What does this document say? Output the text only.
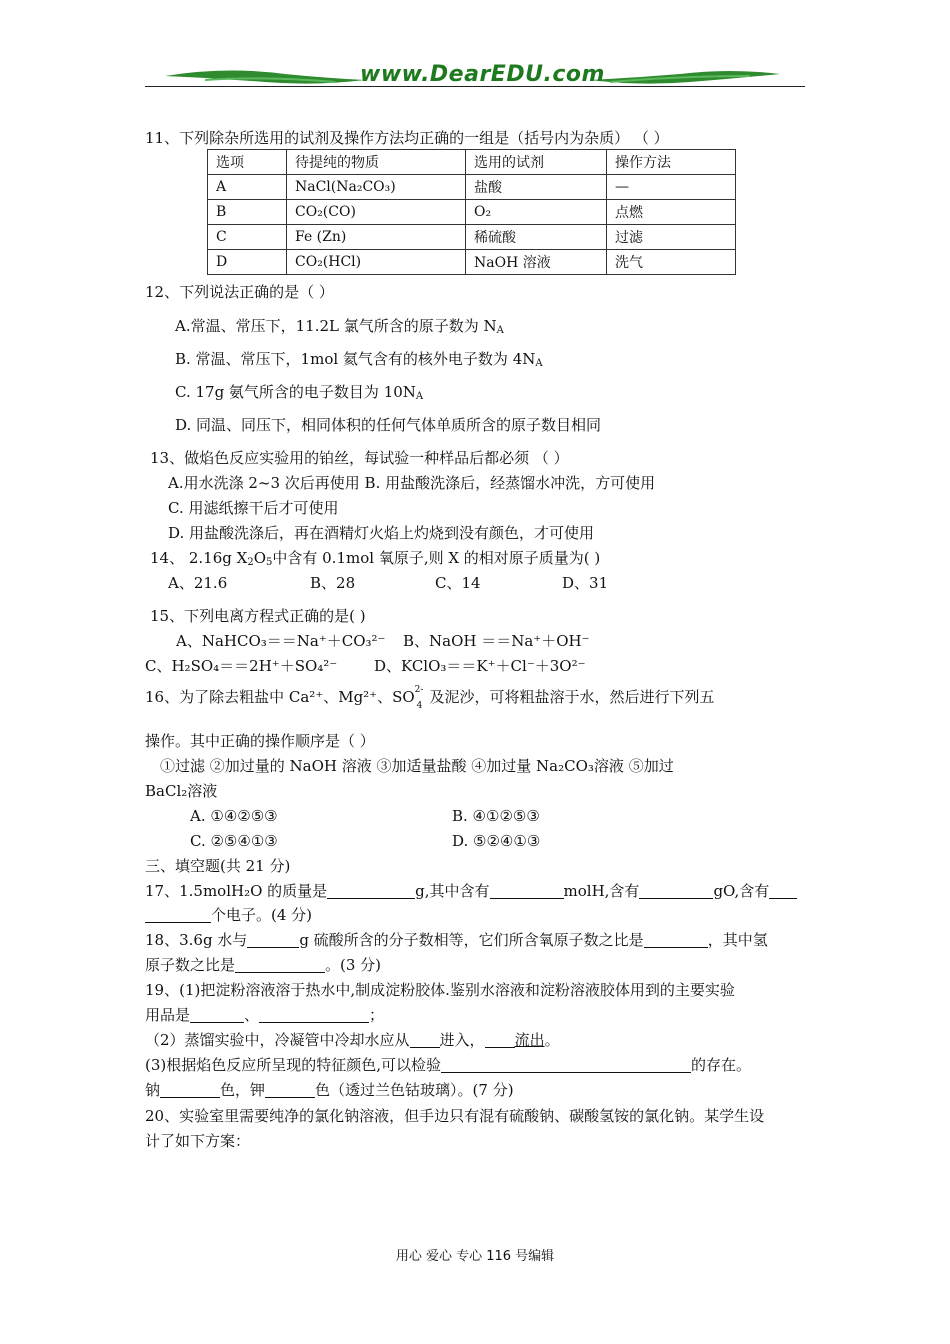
www.DearEDU.com
11、下列除杂所选用的试剂及操作方法均正确的一组是（括号内为杂质） （ ）
选项	待提纯的物质	选用的试剂	操作方法
A	NaCl(Na₂CO₃)	盐酸	—
B	CO₂(CO)	O₂	点燃
C	Fe (Zn)	稀硫酸	过滤
D	CO₂(HCl)	NaOH 溶液	洗气
12、下列说法正确的是（ ）
A.常温、常压下，11.2L 氯气所含的原子数为 $N_A$
B. 常温、常压下，1mol 氦气含有的核外电子数为 $4N_A$
C. 17g 氨气所含的电子数目为 $10N_A$
D. 同温、同压下，相同体积的任何气体单质所含的原子数目相同
13、做焰色反应实验用的铂丝，每试验一种样品后都必须 （ ）
A.用水洗涤 2~3 次后再使用 B. 用盐酸洗涤后，经蒸馏水冲洗，方可使用
C. 用滤纸擦干后才可使用
D. 用盐酸洗涤后，再在酒精灯火焰上灼烧到没有颜色，才可使用
14、 2.16g $X_2O_5$中含有 0.1mol 氧原子,则 X 的相对原子质量为( )
A、21.6	B、28	C、14	D、31
15、下列电离方程式正确的是( )
A、NaHCO₃＝＝Na⁺＋CO₃²⁻ B、NaOH ＝＝Na⁺＋OH⁻
C、H₂SO₄＝＝2H⁺＋SO₄²⁻ D、KClO₃＝＝K⁺＋Cl⁻＋3O²⁻
16、为了除去粗盐中 Ca²⁺、Mg²⁺、SO 2-
4 及泥沙，可将粗盐溶于水，然后进行下列五
操作。其中正确的操作顺序是（ ）
①过滤 ②加过量的 NaOH 溶液 ③加适量盐酸 ④加过量 Na₂CO₃溶液 ⑤加过
BaCl₂溶液
A. ①④②⑤③	B. ④①②⑤③
C. ②⑤④①③	D. ⑤②④①③
三、填空题(共 21 分)
17、1.5molH₂O 的质量是	g,其中含有	molH,含有	gO,含有
个电子。(4 分)
18、3.6g 水与	g 硫酸所含的分子数相等，它们所含氧原子数之比是	，其中氢
原子数之比是	。(3 分)
19、(1)把淀粉溶液溶于热水中,制成淀粉胶体.鉴别水溶液和淀粉溶液胶体用到的主要实验
用品是	、	；
（2）蒸馏实验中，冷凝管中冷却水应从 进入， 流出。
(3)根据焰色反应所呈现的特征颜色,可以检验	的存在。
钠	色，钾	色（透过兰色钴玻璃）。(7 分)
20、实验室里需要纯净的氯化钠溶液，但手边只有混有硫酸钠、碳酸氢铵的氯化钠。某学生设
计了如下方案：
用心 爱心 专心 116 号编辑
